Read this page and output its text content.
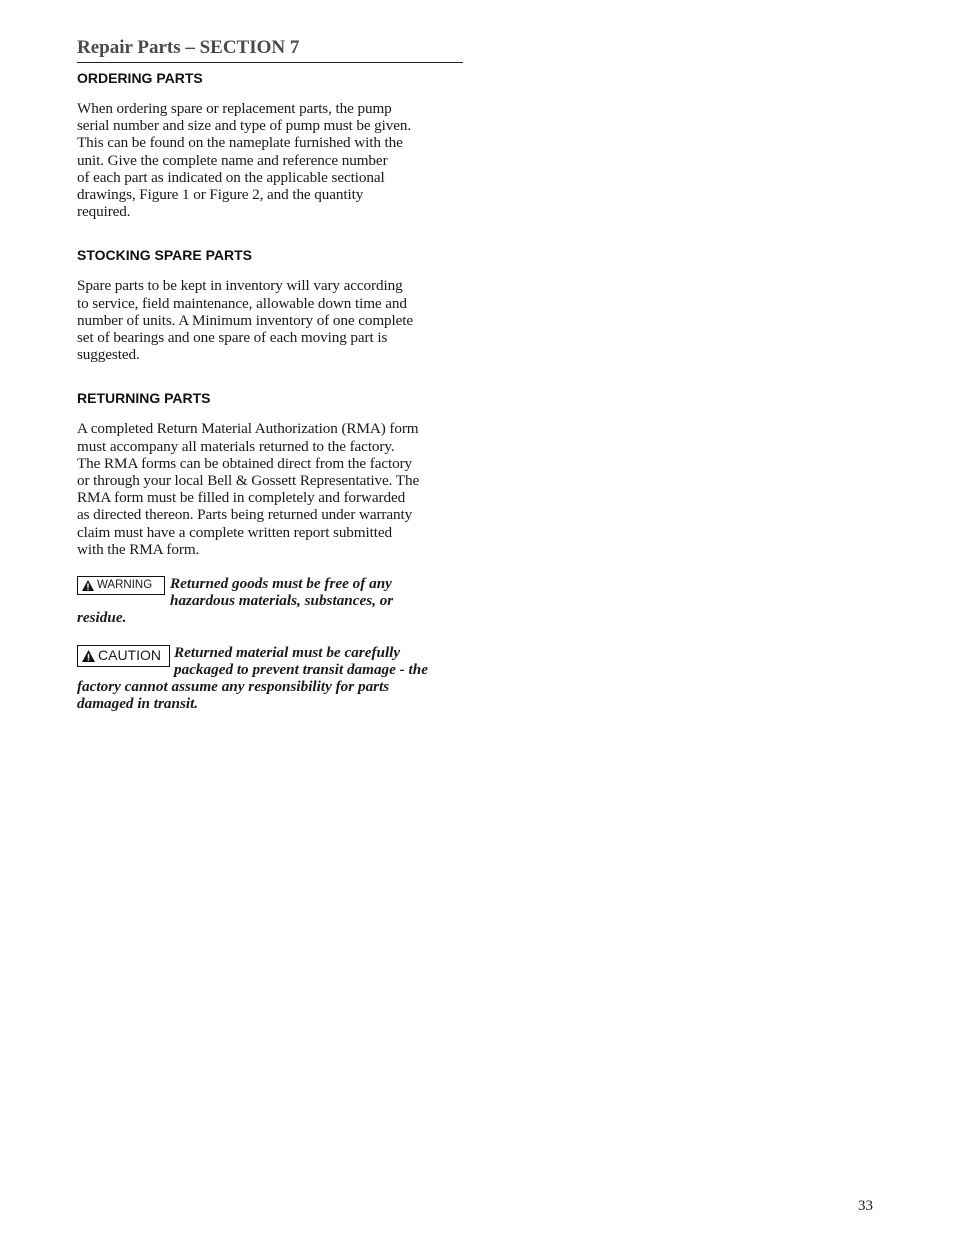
Repair Parts – SECTION 7
ORDERING PARTS

When ordering spare or replacement parts, the pump
serial number and size and type of pump must be given.
This can be found on the nameplate furnished with the
unit. Give the complete name and reference number
of each part as indicated on the applicable sectional
drawings, Figure 1 or Figure 2, and the quantity
required.

STOCKING SPARE PARTS

Spare parts to be kept in inventory will vary according
to service, field maintenance, allowable down time and
number of units. A Minimum inventory of one complete
set of bearings and one spare of each moving part is
suggested.

RETURNING PARTS

A completed Return Material Authorization (RMA) form
must accompany all materials returned to the factory.
The RMA forms can be obtained direct from the factory
or through your local Bell & Gossett Representative. The
RMA form must be filled in completely and forwarded
as directed thereon. Parts being returned under warranty
claim must have a complete written report submitted
with the RMA form.

WARNING Returned goods must be free of any
hazardous materials, substances, or
residue.
CAUTION Returned material must be carefully
packaged to prevent transit damage - the
factory cannot assume any responsibility for parts
damaged in transit.
33
